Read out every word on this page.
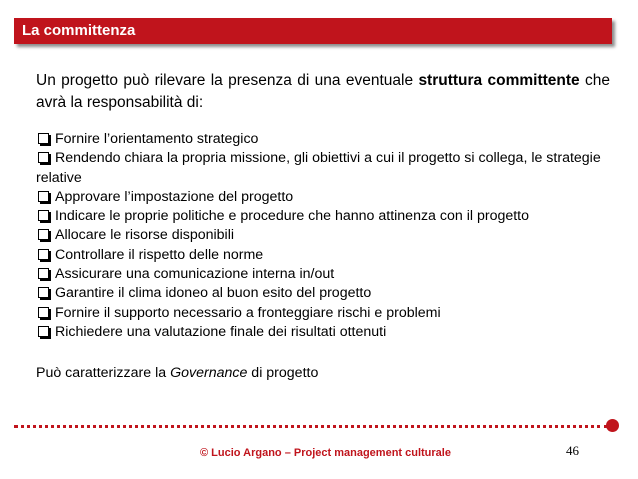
La committenza
Un progetto può rilevare la presenza di una eventuale struttura committente che avrà la responsabilità di:
Fornire l’orientamento strategico
Rendendo chiara la propria missione, gli obiettivi a cui il progetto si collega, le strategie relative
Approvare l’impostazione del progetto
Indicare le proprie politiche e procedure che hanno attinenza con il progetto
Allocare le risorse disponibili
Controllare il rispetto delle norme
Assicurare una comunicazione interna in/out
Garantire il clima idoneo al buon esito del progetto
Fornire il supporto necessario a fronteggiare rischi e problemi
Richiedere una valutazione finale dei risultati ottenuti
Può caratterizzare la Governance di progetto
© Lucio Argano – Project management culturale	46
